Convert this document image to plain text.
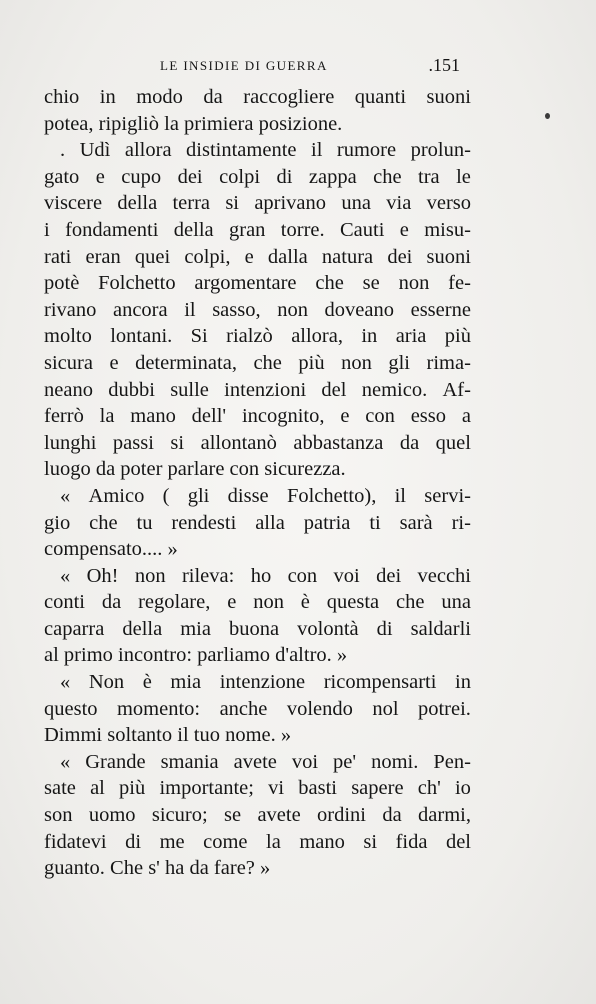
LE INSIDIE DI GUERRA	.151
chio in modo da raccogliere quanti suoni
potea, ripigliò la primiera posizione.
. Udì allora distintamente il rumore prolun-
gato e cupo dei colpi di zappa che tra le
viscere della terra si aprivano una via verso
i fondamenti della gran torre. Cauti e misu-
rati eran quei colpi, e dalla natura dei suoni
potè Folchetto argomentare che se non fe-
rivano ancora il sasso, non doveano esserne
molto lontani. Si rialzò allora, in aria più
sicura e determinata, che più non gli rima-
neano dubbi sulle intenzioni del nemico. Af-
ferrò la mano dell' incognito, e con esso a
lunghi passi si allontanò abbastanza da quel
luogo da poter parlare con sicurezza.
« Amico ( gli disse Folchetto), il servi-
gio che tu rendesti alla patria ti sarà ri-
compensato.... »
« Oh! non rileva: ho con voi dei vecchi
conti da regolare, e non è questa che una
caparra della mia buona volontà di saldarli
al primo incontro: parliamo d'altro. »
« Non è mia intenzione ricompensarti in
questo momento: anche volendo nol potrei.
Dimmi soltanto il tuo nome. »
« Grande smania avete voi pe' nomi. Pen-
sate al più importante; vi basti sapere ch' io
son uomo sicuro; se avete ordini da darmi,
fidatevi di me come la mano si fida del
guanto. Che s' ha da fare? »
